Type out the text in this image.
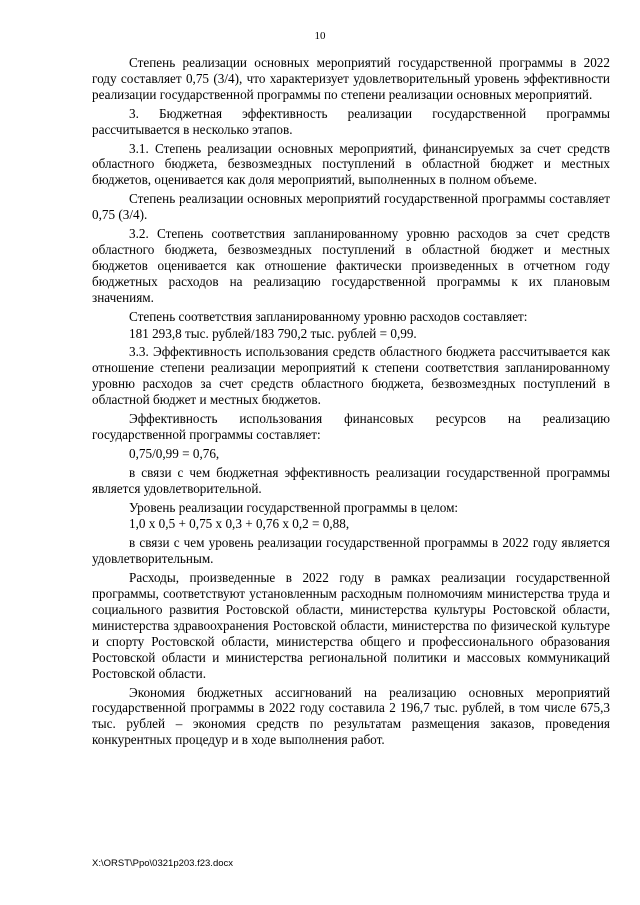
10

Степень реализации основных мероприятий государственной программы в 2022 году составляет 0,75 (3/4), что характеризует удовлетворительный уровень эффективности реализации государственной программы по степени реализации основных мероприятий.

3. Бюджетная эффективность реализации государственной программы рассчитывается в несколько этапов.

3.1. Степень реализации основных мероприятий, финансируемых за счет средств областного бюджета, безвозмездных поступлений в областной бюджет и местных бюджетов, оценивается как доля мероприятий, выполненных в полном объеме.

Степень реализации основных мероприятий государственной программы составляет 0,75 (3/4).

3.2. Степень соответствия запланированному уровню расходов за счет средств областного бюджета, безвозмездных поступлений в областной бюджет и местных бюджетов оценивается как отношение фактически произведенных в отчетном году бюджетных расходов на реализацию государственной программы к их плановым значениям.

Степень соответствия запланированному уровню расходов составляет:

181 293,8 тыс. рублей/183 790,2 тыс. рублей = 0,99.

3.3. Эффективность использования средств областного бюджета рассчитывается как отношение степени реализации мероприятий к степени соответствия запланированному уровню расходов за счет средств областного бюджета, безвозмездных поступлений в областной бюджет и местных бюджетов.

Эффективность использования финансовых ресурсов на реализацию государственной программы составляет:

0,75/0,99 = 0,76,

в связи с чем бюджетная эффективность реализации государственной программы является удовлетворительной.

Уровень реализации государственной программы в целом:

1,0 х 0,5 + 0,75 х 0,3 + 0,76 х 0,2 = 0,88,

в связи с чем уровень реализации государственной программы в 2022 году является удовлетворительным.

Расходы, произведенные в 2022 году в рамках реализации государственной программы, соответствуют установленным расходным полномочиям министерства труда и социального развития Ростовской области, министерства культуры Ростовской области, министерства здравоохранения Ростовской области, министерства по физической культуре и спорту Ростовской области, министерства общего и профессионального образования Ростовской области и министерства региональной политики и массовых коммуникаций Ростовской области.

Экономия бюджетных ассигнований на реализацию основных мероприятий государственной программы в 2022 году составила 2 196,7 тыс. рублей, в том числе 675,3 тыс. рублей – экономия средств по результатам размещения заказов, проведения конкурентных процедур и в ходе выполнения работ.

X:\ORST\Ppo\0321p203.f23.docx
